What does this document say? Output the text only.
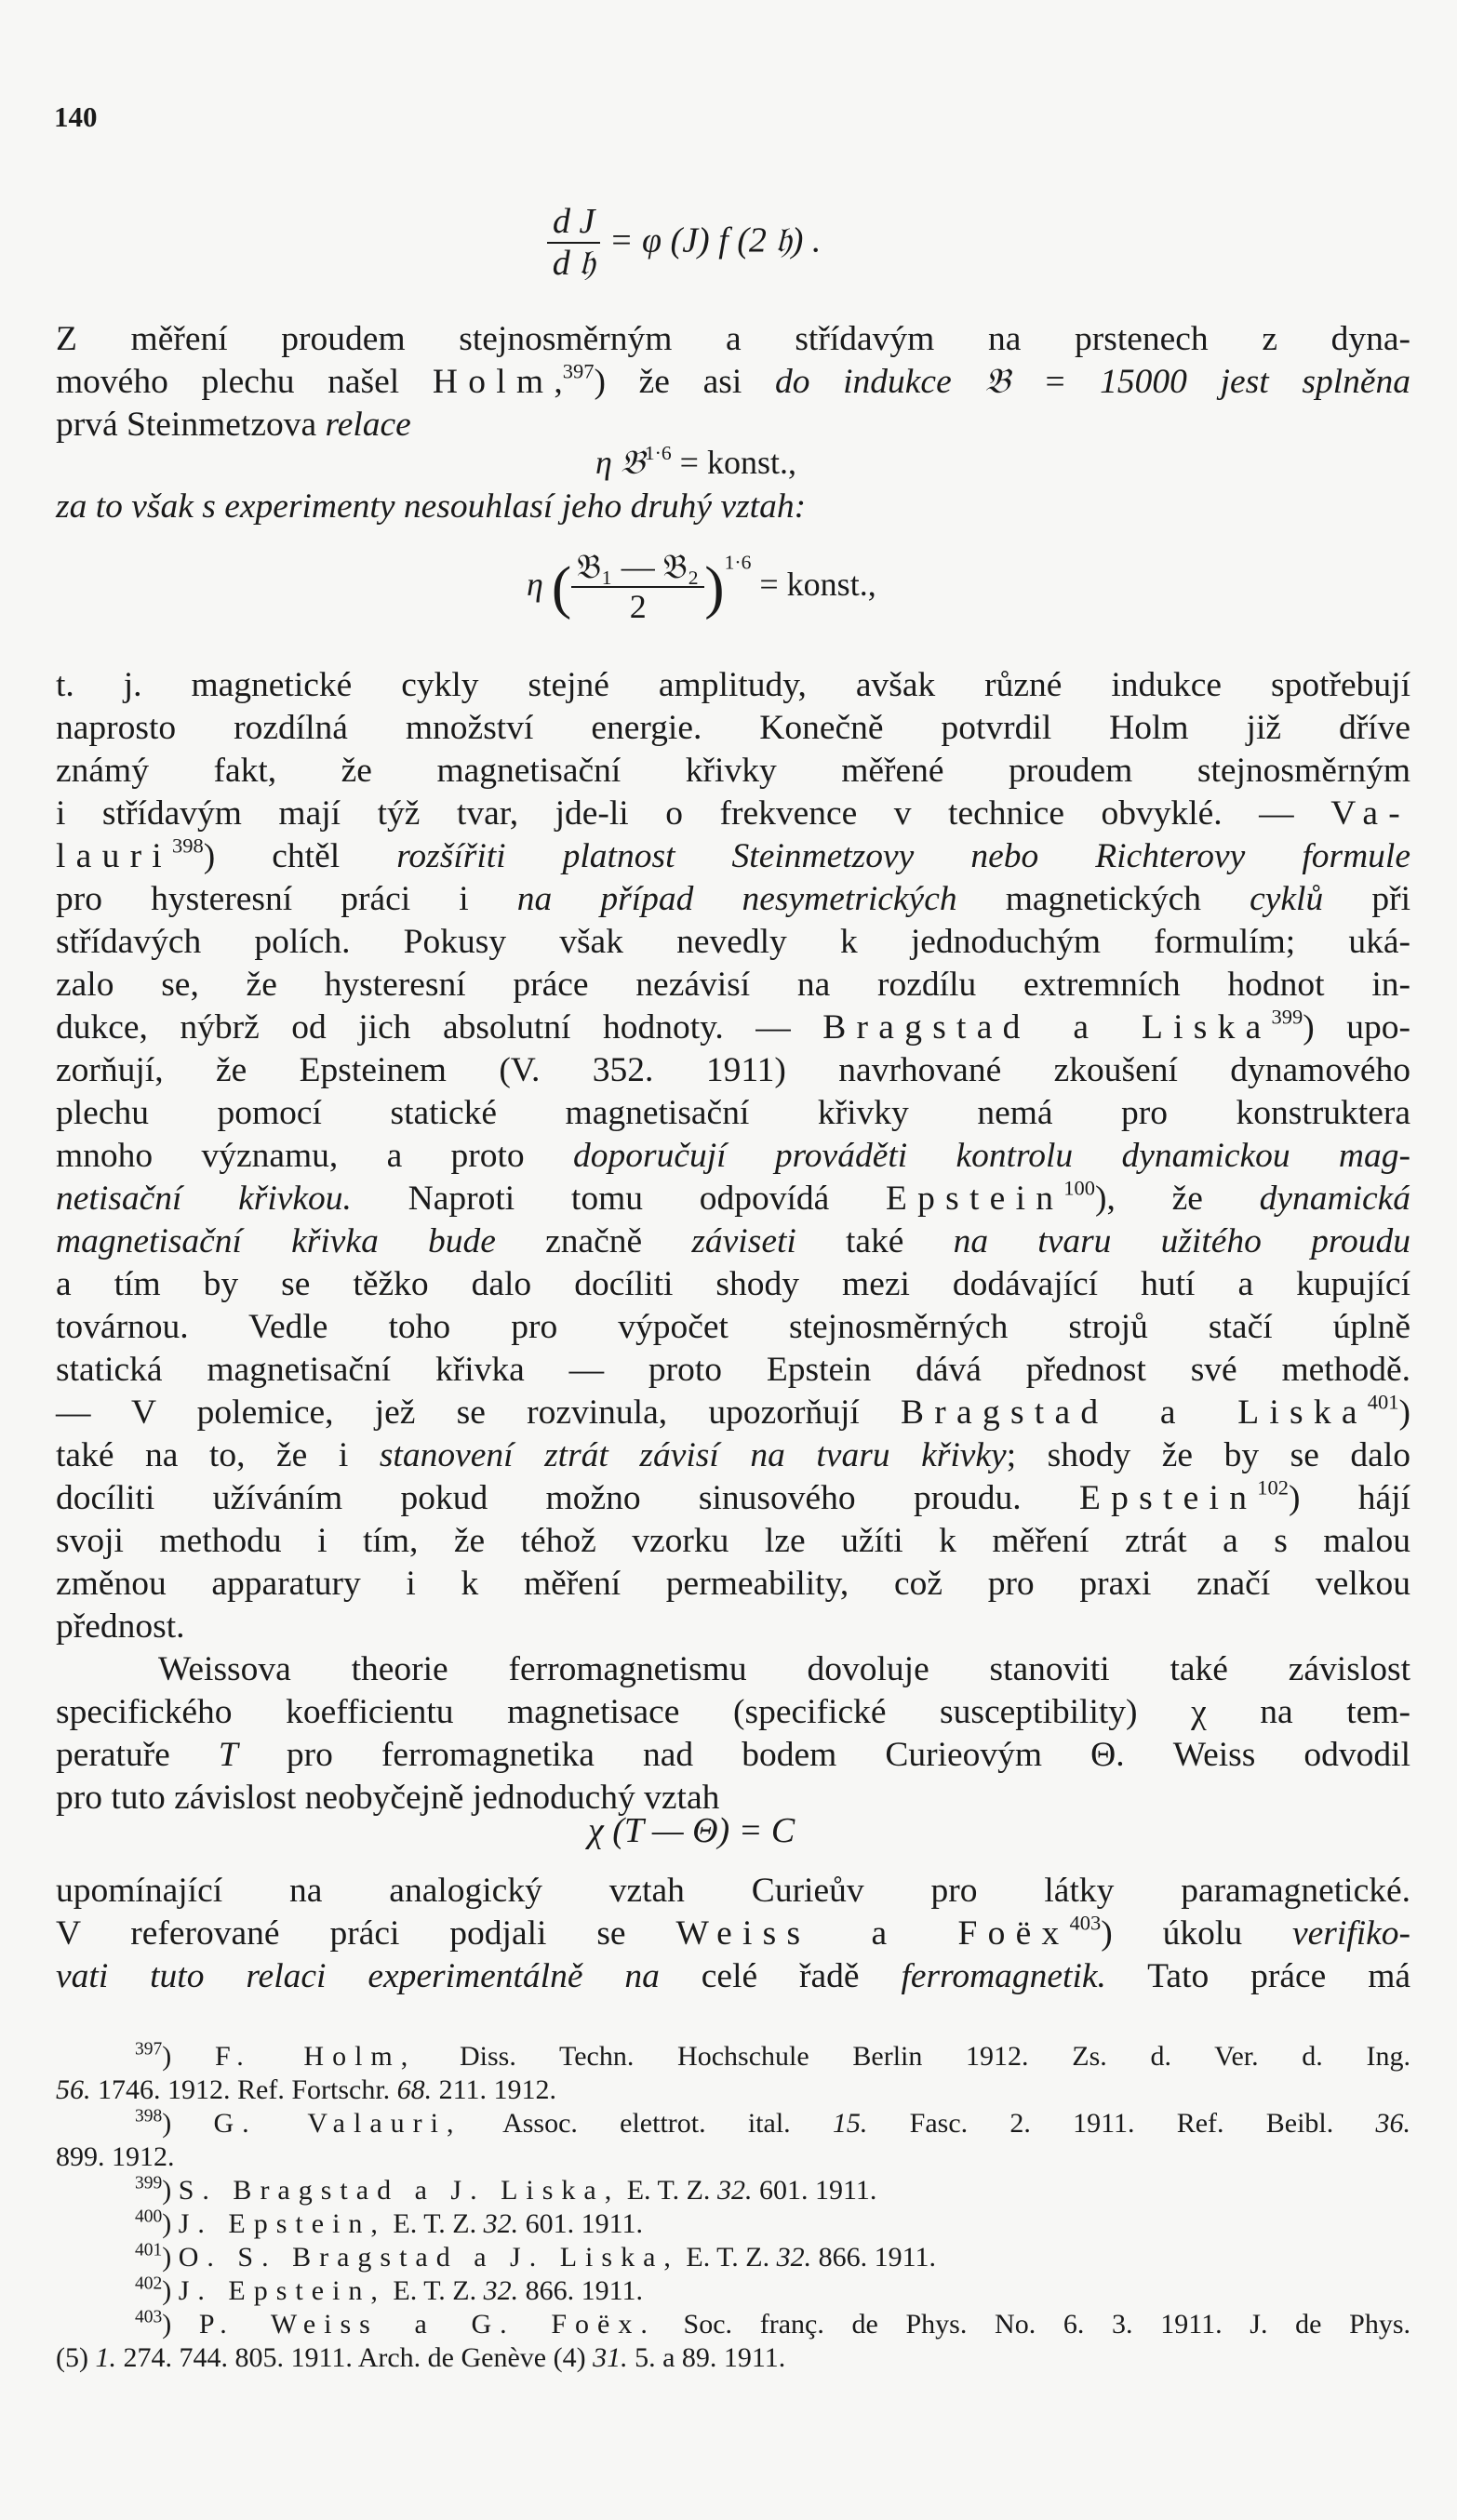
140
$\frac{\text{d J}}{\text{d 𝔥}} = \varphi$ (J) f (2 𝔥) .
Z měření proudem stejnosměrným a střídavým na prstenech z dyna-
mového plechu našel Holm,$^{397}$) že asi do indukce 𝔅 = 15000 jest splněna
prvá Steinmetzova relace
η 𝔅$^{1\cdot 6}$ = konst.,
za to však s experimenty nesouhlasí jeho druhý vztah:
η ( $\frac{\text{𝔅₁ — 𝔅₂}}{2} )^{1\cdot 6}$ = konst.,
t. j. magnetické cykly stejné amplitudy, avšak různé indukce spotřebují
naprosto rozdílná množství energie. Konečně potvrdil Holm již dříve
známý fakt, že magnetisační křivky měřené proudem stejnosměrným
i střídavým mají týž tvar, jde-li o frekvence v technice obvyklé. — Va-
lauri$^{398}$) chtěl rozšířiti platnost Steinmetzovy nebo Richterovy formule
pro hysteresní práci i na případ nesymetrických magnetických cyklů při
střídavých polích. Pokusy však nevedly k jednoduchým formulím; uká-
zalo se, že hysteresní práce nezávisí na rozdílu extremních hodnot in-
dukce, nýbrž od jich absolutní hodnoty. — Bragstad a Liska$^{399}$) upo-
zorňují, že Epsteinem (V. 352. 1911) navrhované zkoušení dynamového
plechu pomocí statické magnetisační křivky nemá pro konstruktera
mnoho významu, a proto doporučují prováděti kontrolu dynamickou mag-
netisační křivkou. Naproti tomu odpovídá Epstein$^{100}$), že dynamická
magnetisační křivka bude značně záviseti také na tvaru užitého proudu
a tím by se těžko dalo docíliti shody mezi dodávající hutí a kupující
továrnou. Vedle toho pro výpočet stejnosměrných strojů stačí úplně
statická magnetisační křivka — proto Epstein dává přednost své methodě.
— V polemice, jež se rozvinula, upozorňují Bragstad a Liska$^{401}$)
také na to, že i stanovení ztrát závisí na tvaru křivky; shody že by se dalo
docíliti užíváním pokud možno sinusového proudu. Epstein$^{102}$) hájí
svoji methodu i tím, že téhož vzorku lze užíti k měření ztrát a s malou
změnou apparatury i k měření permeability, což pro praxi značí velkou
přednost.
Weissova theorie ferromagnetismu dovoluje stanoviti také závislost
specifického koefficientu magnetisace (specifické susceptibility) χ na tem-
peratuře T pro ferromagnetika nad bodem Curieovým Θ. Weiss odvodil
pro tuto závislost neobyčejně jednoduchý vztah
χ (T — Θ) = C
upomínající na analogický vztah Curieův pro látky paramagnetické.
V referované práci podjali se Weiss a Foëx$^{403}$) úkolu verifiko-
vati tuto relaci experimentálně na celé řadě ferromagnetik. Tato práce má
$^{397}$) F. Holm, Diss. Techn. Hochschule Berlin 1912. Zs. d. Ver. d. Ing.
56. 1746. 1912. Ref. Fortschr. 68. 211. 1912.
$^{398}$) G. Valauri, Assoc. elettrot. ital. 15. Fasc. 2. 1911. Ref. Beibl. 36.
899. 1912.
$^{399}$) S. Bragstad a J. Liska, E. T. Z. 32. 601. 1911.
$^{400}$) J. Epstein, E. T. Z. 32. 601. 1911.
$^{401}$) O. S. Bragstad a J. Liska, E. T. Z. 32. 866. 1911.
$^{402}$) J. Epstein, E. T. Z. 32. 866. 1911.
$^{403}$) P. Weiss a G. Foëx. Soc. franç. de Phys. No. 6. 3. 1911. J. de Phys.
(5) 1. 274. 744. 805. 1911. Arch. de Genève (4) 31. 5. a 89. 1911.
